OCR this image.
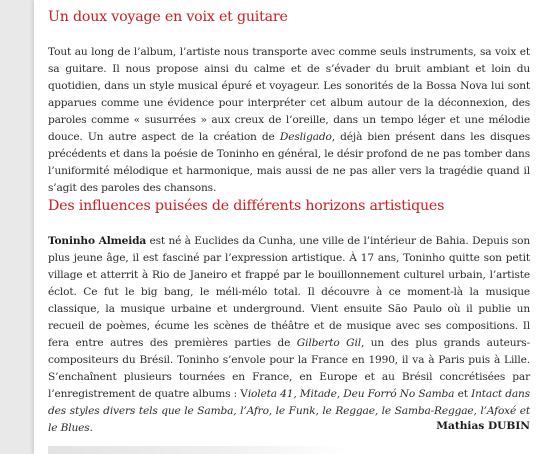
Un doux voyage en voix et guitare

Tout au long de l’album, l’artiste nous transporte avec comme seuls instruments, sa voix et sa guitare. Il nous propose ainsi du calme et de s’évader du bruit ambiant et loin du quotidien, dans un style musical épuré et voyageur. Les sonorités de la Bossa Nova lui sont apparues comme une évidence pour interpréter cet album autour de la déconnexion, des paroles comme « susurrées » aux creux de l’oreille, dans un tempo léger et une mélodie douce. Un autre aspect de la création de Desligado, déjà bien présent dans les disques précédents et dans la poésie de Toninho en général, le désir profond de ne pas tomber dans l’uniformité mélodique et harmonique, mais aussi de ne pas aller vers la tragédie quand il s’agit des paroles des chansons.

Des influences puisées de différents horizons artistiques

Toninho Almeida est né à Euclides da Cunha, une ville de l’intérieur de Bahia. Depuis son plus jeune âge, il est fasciné par l’expression artistique. À 17 ans, Toninho quitte son petit village et atterrit à Rio de Janeiro et frappé par le bouillonnement culturel urbain, l’artiste éclot. Ce fut le big bang, le méli-mélo total. Il découvre à ce moment-là la musique classique, la musique urbaine et underground. Vient ensuite São Paulo où il publie un recueil de poèmes, écume les scènes de théâtre et de musique avec ses compositions. Il fera entre autres des premières parties de Gilberto Gil, un des plus grands auteurs-compositeurs du Brésil. Toninho s’envole pour la France en 1990, il va à Paris puis à Lille. S’enchaînent plusieurs tournées en France, en Europe et au Brésil concrétisées par l’enregistrement de quatre albums : Violeta 41, Mitade, Deu Forró No Samba et Intact dans des styles divers tels que le Samba, l’Afro, le Funk, le Reggae, le Samba-Reggae, l’Afoxé et le Blues.	Mathias DUBIN
